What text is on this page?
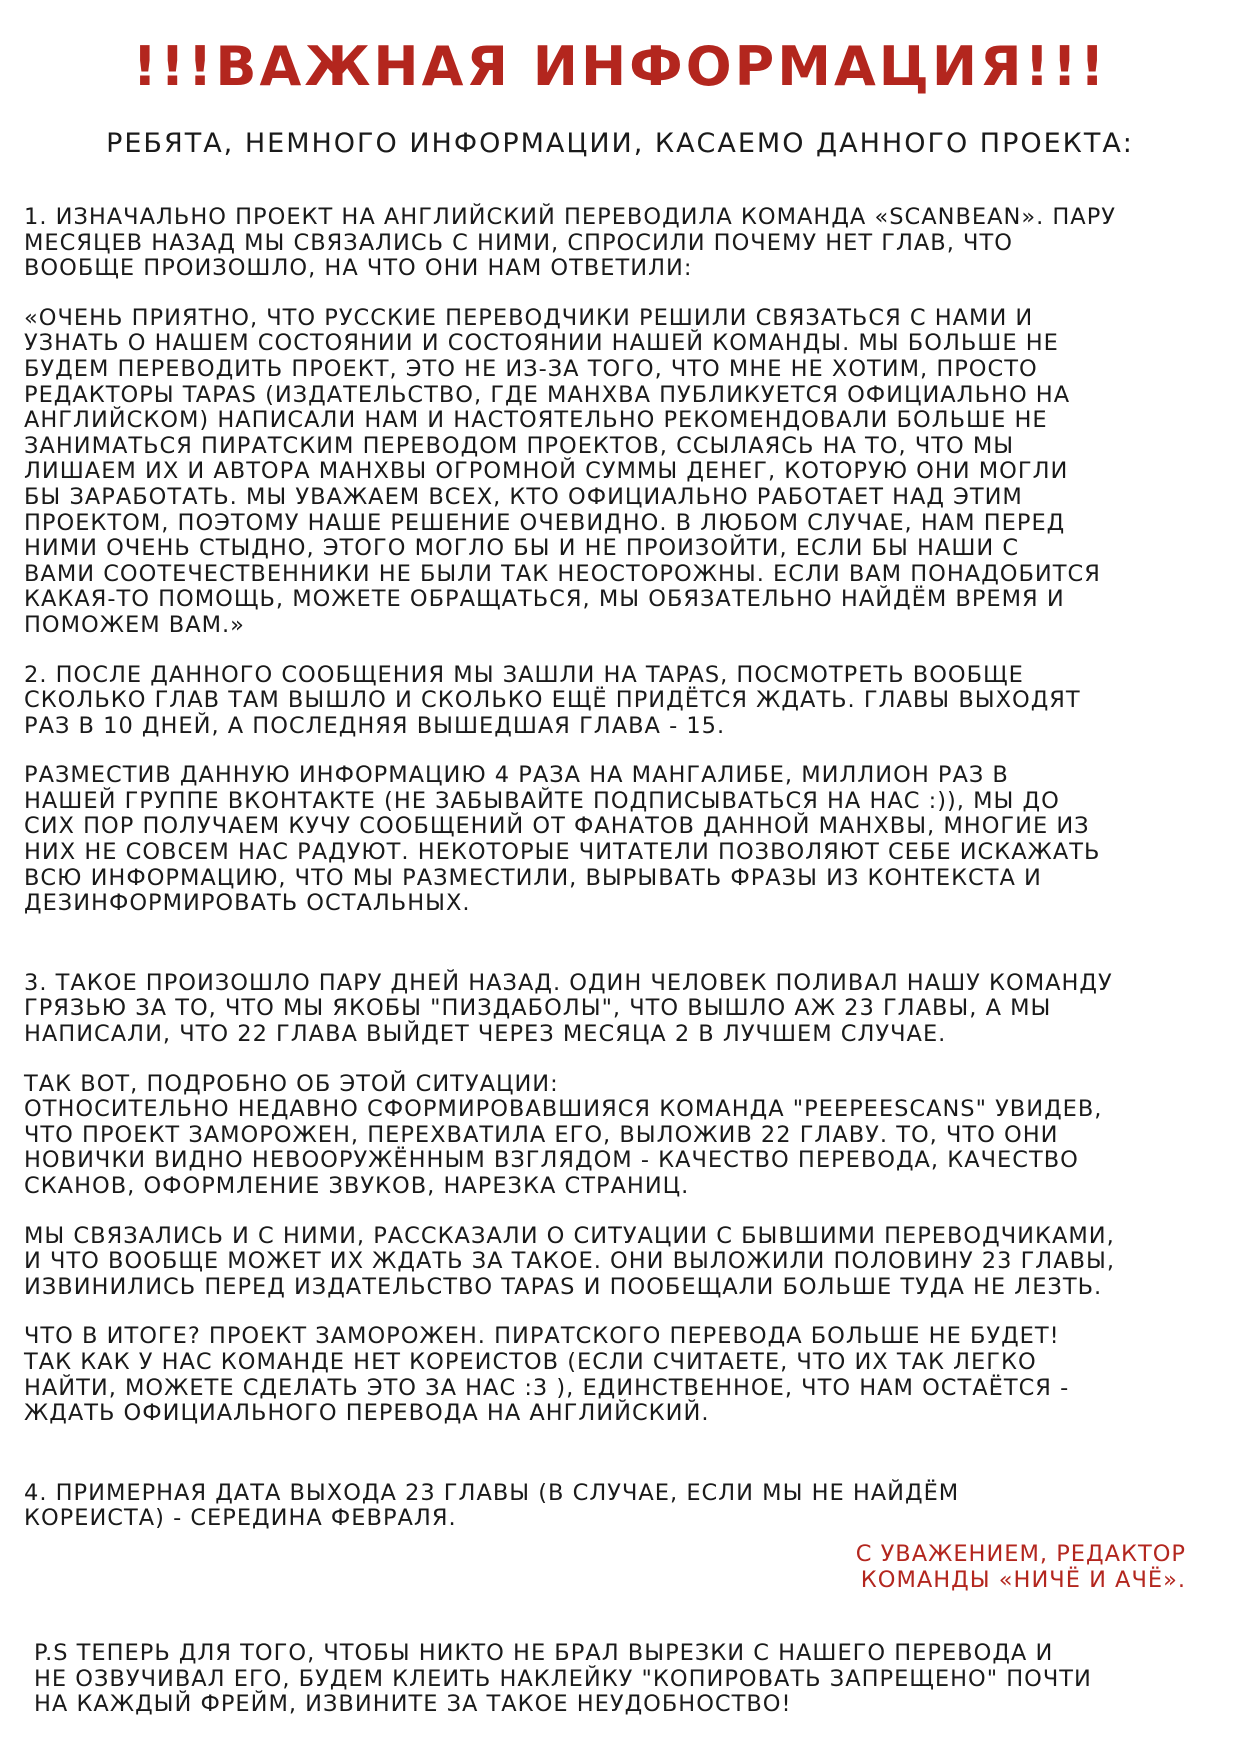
!!!ВАЖНАЯ ИНФОРМАЦИЯ!!!
РЕБЯТА, НЕМНОГО ИНФОРМАЦИИ, КАСАЕМО ДАННОГО ПРОЕКТА:
1. ИЗНАЧАЛЬНО ПРОЕКТ НА АНГЛИЙСКИЙ ПЕРЕВОДИЛА КОМАНДА «SCANBEAN». ПАРУ
МЕСЯЦЕВ НАЗАД МЫ СВЯЗАЛИСЬ С НИМИ, СПРОСИЛИ ПОЧЕМУ НЕТ ГЛАВ, ЧТО
ВООБЩЕ ПРОИЗОШЛО, НА ЧТО ОНИ НАМ ОТВЕТИЛИ:
«ОЧЕНЬ ПРИЯТНО, ЧТО РУССКИЕ ПЕРЕВОДЧИКИ РЕШИЛИ СВЯЗАТЬСЯ С НАМИ И
УЗНАТЬ О НАШЕМ СОСТОЯНИИ И СОСТОЯНИИ НАШЕЙ КОМАНДЫ. МЫ БОЛЬШЕ НЕ
БУДЕМ ПЕРЕВОДИТЬ ПРОЕКТ, ЭТО НЕ ИЗ-ЗА ТОГО, ЧТО МНЕ НЕ ХОТИМ, ПРОСТО
РЕДАКТОРЫ TAPAS (ИЗДАТЕЛЬСТВО, ГДЕ МАНХВА ПУБЛИКУЕТСЯ ОФИЦИАЛЬНО НА
АНГЛИЙСКОМ) НАПИСАЛИ НАМ И НАСТОЯТЕЛЬНО РЕКОМЕНДОВАЛИ БОЛЬШЕ НЕ
ЗАНИМАТЬСЯ ПИРАТСКИМ ПЕРЕВОДОМ ПРОЕКТОВ, ССЫЛАЯСЬ НА ТО, ЧТО МЫ
ЛИШАЕМ ИХ И АВТОРА МАНХВЫ ОГРОМНОЙ СУММЫ ДЕНЕГ, КОТОРУЮ ОНИ МОГЛИ
БЫ ЗАРАБОТАТЬ. МЫ УВАЖАЕМ ВСЕХ, КТО ОФИЦИАЛЬНО РАБОТАЕТ НАД ЭТИМ
ПРОЕКТОМ, ПОЭТОМУ НАШЕ РЕШЕНИЕ ОЧЕВИДНО. В ЛЮБОМ СЛУЧАЕ, НАМ ПЕРЕД
НИМИ ОЧЕНЬ СТЫДНО, ЭТОГО МОГЛО БЫ И НЕ ПРОИЗОЙТИ, ЕСЛИ БЫ НАШИ С
ВАМИ СООТЕЧЕСТВЕННИКИ НЕ БЫЛИ ТАК НЕОСТОРОЖНЫ. ЕСЛИ ВАМ ПОНАДОБИТСЯ
КАКАЯ-ТО ПОМОЩЬ, МОЖЕТЕ ОБРАЩАТЬСЯ, МЫ ОБЯЗАТЕЛЬНО НАЙДЁМ ВРЕМЯ И
ПОМОЖЕМ ВАМ.»
2. ПОСЛЕ ДАННОГО СООБЩЕНИЯ МЫ ЗАШЛИ НА TAPAS, ПОСМОТРЕТЬ ВООБЩЕ
СКОЛЬКО ГЛАВ ТАМ ВЫШЛО И СКОЛЬКО ЕЩЁ ПРИДЁТСЯ ЖДАТЬ. ГЛАВЫ ВЫХОДЯТ
РАЗ В 10 ДНЕЙ, А ПОСЛЕДНЯЯ ВЫШЕДШАЯ ГЛАВА - 15.
РАЗМЕСТИВ ДАННУЮ ИНФОРМАЦИЮ 4 РАЗА НА МАНГАЛИБЕ, МИЛЛИОН РАЗ В
НАШЕЙ ГРУППЕ ВКОНТАКТЕ (НЕ ЗАБЫВАЙТЕ ПОДПИСЫВАТЬСЯ НА НАС :)), МЫ ДО
СИХ ПОР ПОЛУЧАЕМ КУЧУ СООБЩЕНИЙ ОТ ФАНАТОВ ДАННОЙ МАНХВЫ, МНОГИЕ ИЗ
НИХ НЕ СОВСЕМ НАС РАДУЮТ. НЕКОТОРЫЕ ЧИТАТЕЛИ ПОЗВОЛЯЮТ СЕБЕ ИСКАЖАТЬ
ВСЮ ИНФОРМАЦИЮ, ЧТО МЫ РАЗМЕСТИЛИ, ВЫРЫВАТЬ ФРАЗЫ ИЗ КОНТЕКСТА И
ДЕЗИНФОРМИРОВАТЬ ОСТАЛЬНЫХ.
3. ТАКОЕ ПРОИЗОШЛО ПАРУ ДНЕЙ НАЗАД. ОДИН ЧЕЛОВЕК ПОЛИВАЛ НАШУ КОМАНДУ
ГРЯЗЬЮ ЗА ТО, ЧТО МЫ ЯКОБЫ "ПИЗДАБОЛЫ", ЧТО ВЫШЛО АЖ 23 ГЛАВЫ, А МЫ
НАПИСАЛИ, ЧТО 22 ГЛАВА ВЫЙДЕТ ЧЕРЕЗ МЕСЯЦА 2 В ЛУЧШЕМ СЛУЧАЕ.
ТАК ВОТ, ПОДРОБНО ОБ ЭТОЙ СИТУАЦИИ:
ОТНОСИТЕЛЬНО НЕДАВНО СФОРМИРОВАВШИЯСЯ КОМАНДА "PEEPEESCANS" УВИДЕВ,
ЧТО ПРОЕКТ ЗАМОРОЖЕН, ПЕРЕХВАТИЛА ЕГО, ВЫЛОЖИВ 22 ГЛАВУ. ТО, ЧТО ОНИ
НОВИЧКИ ВИДНО НЕВООРУЖЁННЫМ ВЗГЛЯДОМ - КАЧЕСТВО ПЕРЕВОДА, КАЧЕСТВО
СКАНОВ, ОФОРМЛЕНИЕ ЗВУКОВ, НАРЕЗКА СТРАНИЦ.
МЫ СВЯЗАЛИСЬ И С НИМИ, РАССКАЗАЛИ О СИТУАЦИИ С БЫВШИМИ ПЕРЕВОДЧИКАМИ,
И ЧТО ВООБЩЕ МОЖЕТ ИХ ЖДАТЬ ЗА ТАКОЕ. ОНИ ВЫЛОЖИЛИ ПОЛОВИНУ 23 ГЛАВЫ,
ИЗВИНИЛИСЬ ПЕРЕД ИЗДАТЕЛЬСТВО TAPAS И ПООБЕЩАЛИ БОЛЬШЕ ТУДА НЕ ЛЕЗТЬ.
ЧТО В ИТОГЕ? ПРОЕКТ ЗАМОРОЖЕН. ПИРАТСКОГО ПЕРЕВОДА БОЛЬШЕ НЕ БУДЕТ!
ТАК КАК У НАС КОМАНДЕ НЕТ КОРЕИСТОВ (ЕСЛИ СЧИТАЕТЕ, ЧТО ИХ ТАК ЛЕГКО
НАЙТИ, МОЖЕТЕ СДЕЛАТЬ ЭТО ЗА НАС :3 ), ЕДИНСТВЕННОЕ, ЧТО НАМ ОСТАЁТСЯ -
ЖДАТЬ ОФИЦИАЛЬНОГО ПЕРЕВОДА НА АНГЛИЙСКИЙ.
4. ПРИМЕРНАЯ ДАТА ВЫХОДА 23 ГЛАВЫ (В СЛУЧАЕ, ЕСЛИ МЫ НЕ НАЙДЁМ
КОРЕИСТА) - СЕРЕДИНА ФЕВРАЛЯ.
С УВАЖЕНИЕМ, РЕДАКТОР
КОМАНДЫ «НИЧЁ И АЧЁ».
P.S ТЕПЕРЬ ДЛЯ ТОГО, ЧТОБЫ НИКТО НЕ БРАЛ ВЫРЕЗКИ С НАШЕГО ПЕРЕВОДА И
НЕ ОЗВУЧИВАЛ ЕГО, БУДЕМ КЛЕИТЬ НАКЛЕЙКУ "КОПИРОВАТЬ ЗАПРЕЩЕНО" ПОЧТИ
НА КАЖДЫЙ ФРЕЙМ, ИЗВИНИТЕ ЗА ТАКОЕ НЕУДОБНОСТВО!
